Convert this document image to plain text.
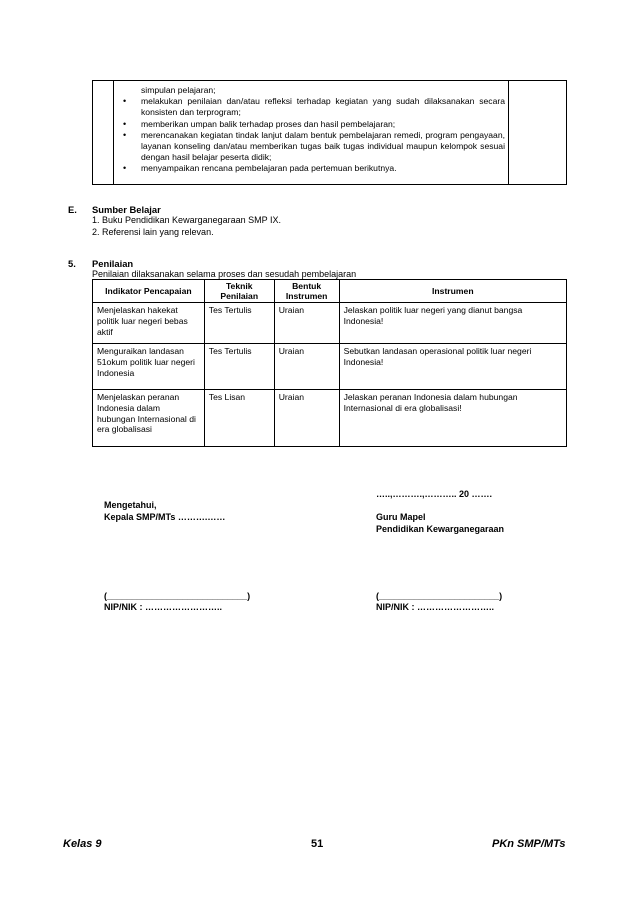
simpulan pelajaran;
• melakukan penilaian dan/atau refleksi terhadap kegiatan yang sudah dilaksanakan secara konsisten dan terprogram;
• memberikan umpan balik terhadap proses dan hasil pembelajaran;
• merencanakan kegiatan tindak lanjut dalam bentuk pembelajaran remedi, program pengayaan, layanan konseling dan/atau memberikan tugas baik tugas individual maupun kelompok sesuai dengan hasil belajar peserta didik;
• menyampaikan rencana pembelajaran pada pertemuan berikutnya.
E. Sumber Belajar
1. Buku Pendidikan Kewarganegaraan SMP IX.
2. Referensi lain yang relevan.
5. Penilaian
Penilaian dilaksanakan selama proses dan sesudah pembelajaran
Indikator Pencapaian	Teknik Penilaian	Bentuk Instrumen	Instrumen
Menjelaskan hakekat politik luar negeri bebas aktif	Tes Tertulis	Uraian	Jelaskan politik luar negeri yang dianut bangsa Indonesia!
Menguraikan landasan 51okum politik luar negeri Indonesia	Tes Tertulis	Uraian	Sebutkan landasan operasional politik luar negeri Indonesia!
Menjelaskan peranan Indonesia dalam hubungan Internasional di era globalisasi	Tes Lisan	Uraian	Jelaskan peranan Indonesia dalam hubungan Internasional di era globalisasi!
Mengetahui,
Kepala SMP/MTs ……….……
(____________________________)
NIP/NIK : ……………………..
…..,……….,……….. 20 …….
Guru Mapel
Pendidikan Kewarganegaraan
(________________________)
NIP/NIK : ……………………..
Kelas 9	51	PKn SMP/MTs
